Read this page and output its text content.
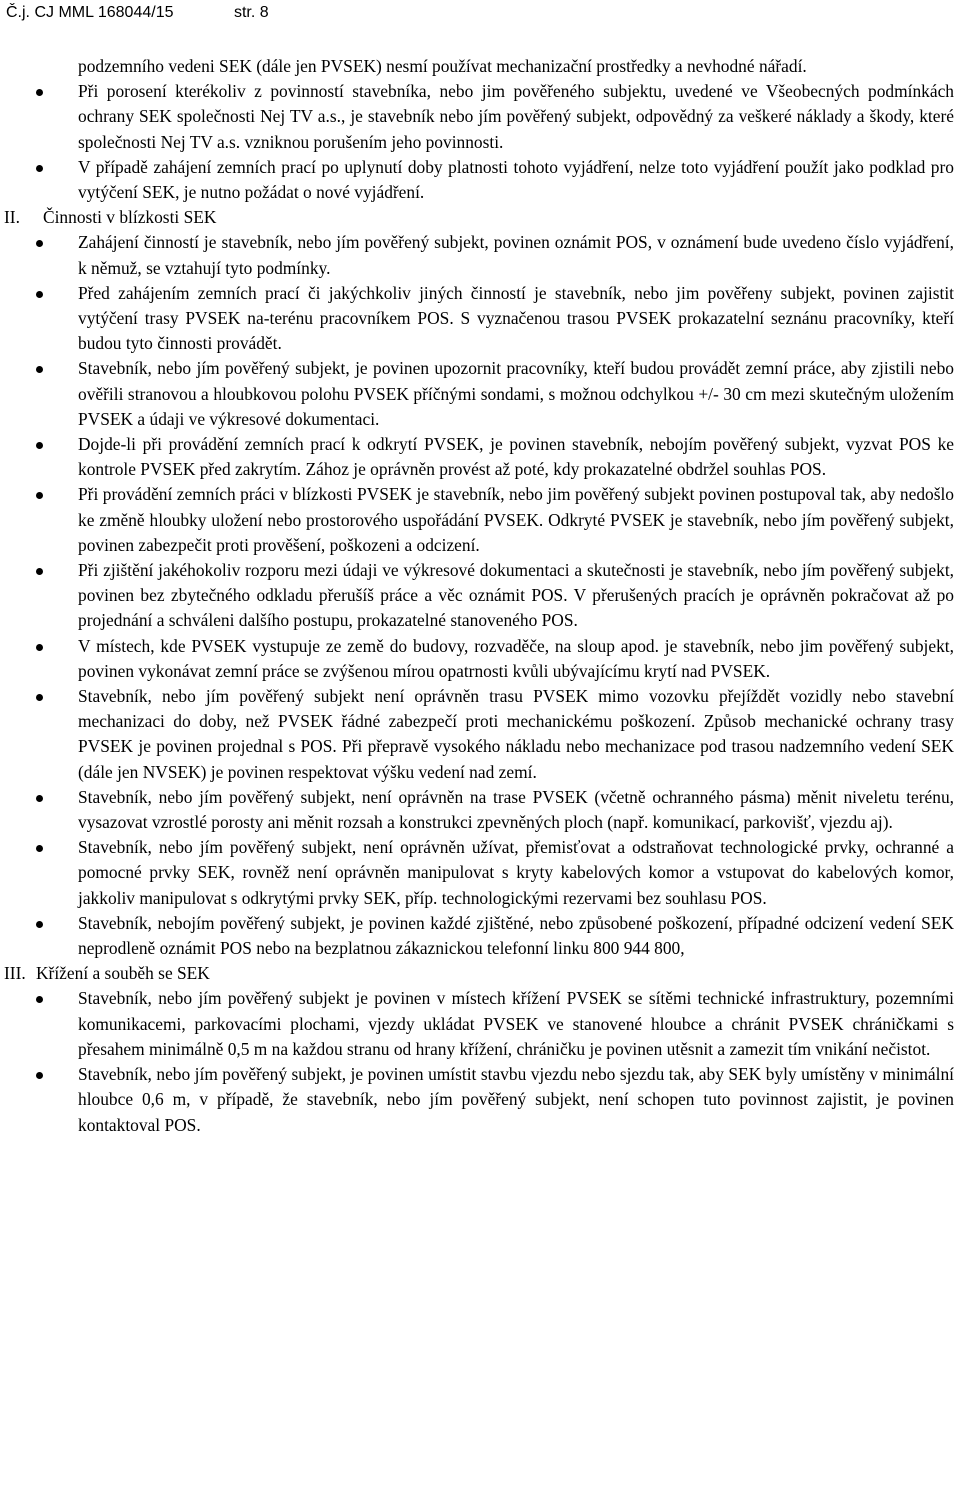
Č.j. CJ MML 168044/15	str. 8
podzemního vedeni SEK (dále jen PVSEK) nesmí používat mechanizační prostředky a nevhodné nářadí.
Při porosení kterékoliv z povinností stavebníka, nebo jim pověřeného subjektu, uvedené ve Všeobecných podmínkách ochrany SEK společnosti Nej TV a.s., je stavebník nebo jím pověřený subjekt, odpovědný za veškeré náklady a škody, které společnosti Nej TV a.s. vzniknou porušením jeho povinnosti.
V případě zahájení zemních prací po uplynutí doby platnosti tohoto vyjádření, nelze toto vyjádření použít jako podklad pro vytýčení SEK, je nutno požádat o nové vyjádření.
II. Činnosti v blízkosti SEK
Zahájení činností je stavebník, nebo jím pověřený subjekt, povinen oznámit POS, v oznámení bude uvedeno číslo vyjádření, k němuž, se vztahují tyto podmínky.
Před zahájením zemních prací či jakýchkoliv jiných činností je stavebník, nebo jim pověřeny subjekt, povinen zajistit vytýčení trasy PVSEK na-terénu pracovníkem POS. S vyznačenou trasou PVSEK prokazatelní seznánu pracovníky, kteří budou tyto činnosti provádět.
Stavebník, nebo jím pověřený subjekt, je povinen upozornit pracovníky, kteří budou provádět zemní práce, aby zjistili nebo ověřili stranovou a hloubkovou polohu PVSEK příčnými sondami, s možnou odchylkou +/- 30 cm mezi skutečným uložením PVSEK a údaji ve výkresové dokumentaci.
Dojde-li při provádění zemních prací k odkrytí PVSEK, je povinen stavebník, nebojím pověřený subjekt, vyzvat POS ke kontrole PVSEK před zakrytím. Zához je oprávněn provést až poté, kdy prokazatelné obdržel souhlas POS.
Při provádění zemních práci v blízkosti PVSEK je stavebník, nebo jim pověřený subjekt povinen postupoval tak, aby nedošlo ke změně hloubky uložení nebo prostorového uspořádání PVSEK. Odkryté PVSEK je stavebník, nebo jím pověřený subjekt, povinen zabezpečit proti prověšení, poškozeni a odcizení.
Při zjištění jakéhokoliv rozporu mezi údaji ve výkresové dokumentaci a skutečnosti je stavebník, nebo jím pověřený subjekt, povinen bez zbytečného odkladu přerušíš práce a věc oznámit POS. V přerušených pracích je oprávněn pokračovat až po projednání a schváleni dalšího postupu, prokazatelné stanoveného POS.
V místech, kde PVSEK vystupuje ze země do budovy, rozvaděče, na sloup apod. je stavebník, nebo jim pověřený subjekt, povinen vykonávat zemní práce se zvýšenou mírou opatrnosti kvůli ubývajícímu krytí nad PVSEK.
Stavebník, nebo jím pověřený subjekt není oprávněn trasu PVSEK mimo vozovku přejíždět vozidly nebo stavební mechanizaci do doby, než PVSEK řádné zabezpečí proti mechanickému poškození. Způsob mechanické ochrany trasy PVSEK je povinen projednal s POS. Při přepravě vysokého nákladu nebo mechanizace pod trasou nadzemního vedení SEK (dále jen NVSEK) je povinen respektovat výšku vedení nad zemí.
Stavebník, nebo jím pověřený subjekt, není oprávněn na trase PVSEK (včetně ochranného pásma) měnit niveletu terénu, vysazovat vzrostlé porosty ani měnit rozsah a konstrukci zpevněných ploch (např. komunikací, parkovišť, vjezdu aj).
Stavebník, nebo jím pověřený subjekt, není oprávněn užívat, přemisťovat a odstraňovat technologické prvky, ochranné a pomocné prvky SEK, rovněž není oprávněn manipulovat s kryty kabelových komor a vstupovat do kabelových komor, jakkoliv manipulovat s odkrytými prvky SEK, příp. technologickými rezervami bez souhlasu POS.
Stavebník, nebojím pověřený subjekt, je povinen každé zjištěné, nebo způsobené poškození, případné odcizení vedení SEK neprodleně oznámit POS nebo na bezplatnou zákaznickou telefonní linku 800 944 800,
III. Křížení a souběh se SEK
Stavebník, nebo jím pověřený subjekt je povinen v místech křížení PVSEK se sítěmi technické infrastruktury, pozemními komunikacemi, parkovacími plochami, vjezdy ukládat PVSEK ve stanovené hloubce a chránit PVSEK chráničkami s přesahem minimálně 0,5 m na každou stranu od hrany křížení, chráničku je povinen utěsnit a zamezit tím vnikání nečistot.
Stavebník, nebo jím pověřený subjekt, je povinen umístit stavbu vjezdu nebo sjezdu tak, aby SEK byly umístěny v minimální hloubce 0,6 m, v případě, že stavebník, nebo jím pověřený subjekt, není schopen tuto povinnost zajistit, je povinen kontaktoval POS.
